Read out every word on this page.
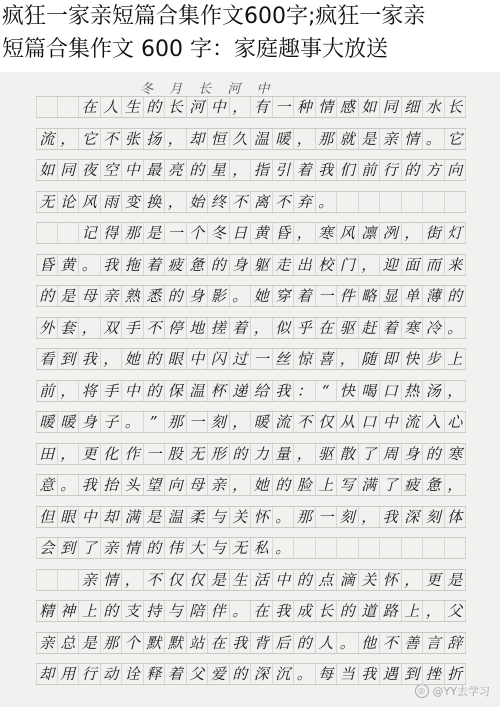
疯狂一家亲短篇合集作文600字;疯狂一家亲
短篇合集作文 600 字：家庭趣事大放送
冬 月 长 河 中
◎ @YY去学习
在 人 生 的 长 河 中 ， 有 一 种 情 感 如 同 细 水 长
流 ， 它 不 张 扬 ， 却 恒 久 温 暖 ， 那 就 是 亲 情 。 它
如 同 夜 空 中 最 亮 的 星 ， 指 引 着 我 们 前 行 的 方 向
无 论 风 雨 变 换 ， 始 终 不 离 不 弃 。
记 得 那 是 一 个 冬 日 黄 昏 ， 寒 风 凛 冽 ， 街 灯
昏 黄 。 我 拖 着 疲 惫 的 身 躯 走 出 校 门 ， 迎 面 而 来
的 是 母 亲 熟 悉 的 身 影 。 她 穿 着 一 件 略 显 单 薄 的
外 套 ， 双 手 不 停 地 搓 着 ， 似 乎 在 驱 赶 着 寒 冷 。
看 到 我 ， 她 的 眼 中 闪 过 一 丝 惊 喜 ， 随 即 快 步 上
前 ， 将 手 中 的 保 温 杯 递 给 我 ： “ 快 喝 口 热 汤 ，
暖 暖 身 子 。 ” 那 一 刻 ， 暖 流 不 仅 从 口 中 流 入 心
田 ， 更 化 作 一 股 无 形 的 力 量 ， 驱 散 了 周 身 的 寒
意 。 我 抬 头 望 向 母 亲 ， 她 的 脸 上 写 满 了 疲 惫 ，
但 眼 中 却 满 是 温 柔 与 关 怀 。 那 一 刻 ， 我 深 刻 体
会 到 了 亲 情 的 伟 大 与 无 私 。
亲 情 ， 不 仅 仅 是 生 活 中 的 点 滴 关 怀 ， 更 是
精 神 上 的 支 持 与 陪 伴 。 在 我 成 长 的 道 路 上 ， 父
亲 总 是 那 个 默 默 站 在 我 背 后 的 人 。 他 不 善 言 辞
却 用 行 动 诠 释 着 父 爱 的 深 沉 。 每 当 我 遇 到 挫 折
